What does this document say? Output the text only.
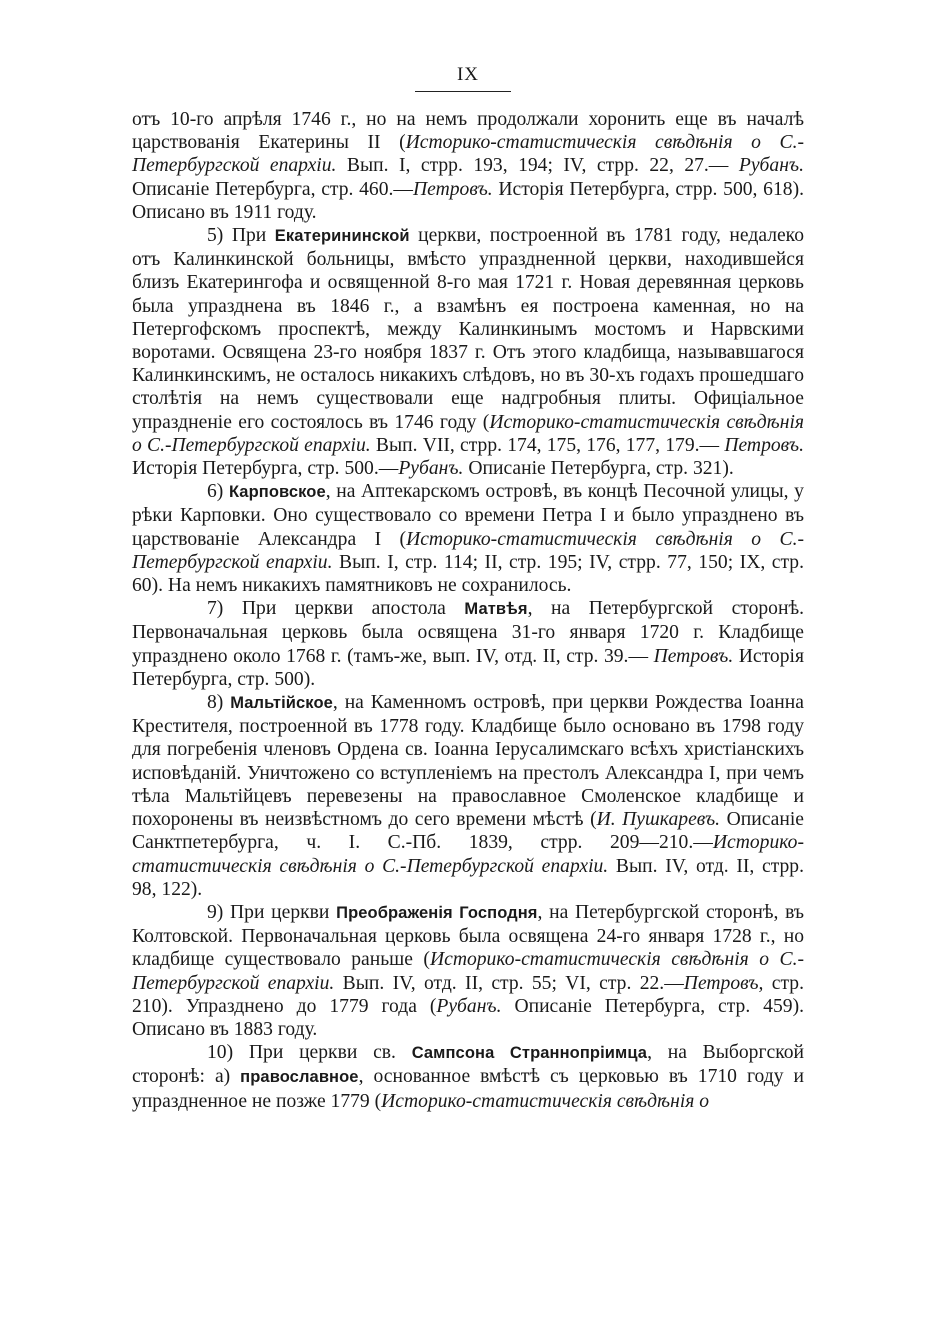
IX

отъ 10-го апрѣля 1746 г., но на немъ продолжали хоронить еще въ началѣ царствованія Екатерины II (Историко-статистическія свѣдѣнія о С.-Петербургской епархіи. Вып. I, стрр. 193, 194; IV, стрр. 22, 27.— Рубанъ. Описаніе Петербурга, стр. 460.—Петровъ. Исторія Петербурга, стрр. 500, 618). Описано въ 1911 году.

5) При Екатерининской церкви, построенной въ 1781 году, недалеко отъ Калинкинской больницы, вмѣсто упраздненной церкви, находившейся близъ Екатерингофа и освященной 8-го мая 1721 г. Новая деревянная церковь была упразднена въ 1846 г., а взамѣнъ ея построена каменная, но на Петергофскомъ проспектѣ, между Калинкинымъ мостомъ и Нарвскими воротами. Освящена 23-го ноября 1837 г. Отъ этого кладбища, называвшагося Калинкинскимъ, не осталось никакихъ слѣдовъ, но въ 30-хъ годахъ прошедшаго столѣтія на немъ существовали еще надгробныя плиты. Офиціальное упраздненіе его состоялось въ 1746 году (Историко-статистическія свѣдѣнія о С.-Петербургской епархіи. Вып. VII, стрр. 174, 175, 176, 177, 179.— Петровъ. Исторія Петербурга, стр. 500.—Рубанъ. Описаніе Петербурга, стр. 321).

6) Карповское, на Аптекарскомъ островѣ, въ концѣ Песочной улицы, у рѣки Карповки. Оно существовало со времени Петра I и было упразднено въ царствованіе Александра I (Историко-статистическія свѣдѣнія о С.-Петербургской епархіи. Вып. I, стр. 114; II, стр. 195; IV, стрр. 77, 150; IX, стр. 60). На немъ никакихъ памятниковъ не сохранилось.

7) При церкви апостола Матвѣя, на Петербургской сторонѣ. Первоначальная церковь была освящена 31-го января 1720 г. Кладбище упразднено около 1768 г. (тамъ-же, вып. IV, отд. II, стр. 39.— Петровъ. Исторія Петербурга, стр. 500).

8) Мальтійское, на Каменномъ островѣ, при церкви Рождества Іоанна Крестителя, построенной въ 1778 году. Кладбище было основано въ 1798 году для погребенія членовъ Ордена св. Іоанна Іерусалимскаго всѣхъ христіанскихъ исповѣданій. Уничтожено со вступленіемъ на престолъ Александра I, при чемъ тѣла Мальтійцевъ перевезены на православное Смоленское кладбище и похоронены въ неизвѣстномъ до сего времени мѣстѣ (И. Пушкаревъ. Описаніе Санктпетербурга, ч. I. С.-Пб. 1839, стрр. 209—210.—Историко-статистическія свѣдѣнія о С.-Петербургской епархіи. Вып. IV, отд. II, стрр. 98, 122).

9) При церкви Преображенія Господня, на Петербургской сторонѣ, въ Колтовской. Первоначальная церковь была освящена 24-го января 1728 г., но кладбище существовало раньше (Историко-статистическія свѣдѣнія о С.-Петербургской епархіи. Вып. IV, отд. II, стр. 55; VI, стр. 22.—Петровъ, стр. 210). Упразднено до 1779 года (Рубанъ. Описаніе Петербурга, стр. 459). Описано въ 1883 году.

10) При церкви св. Сампсона Страннопріимца, на Выборгской сторонѣ: а) православное, основанное вмѣстѣ съ церковью въ 1710 году и упраздненное не позже 1779 (Историко-статистическія свѣдѣнія о
